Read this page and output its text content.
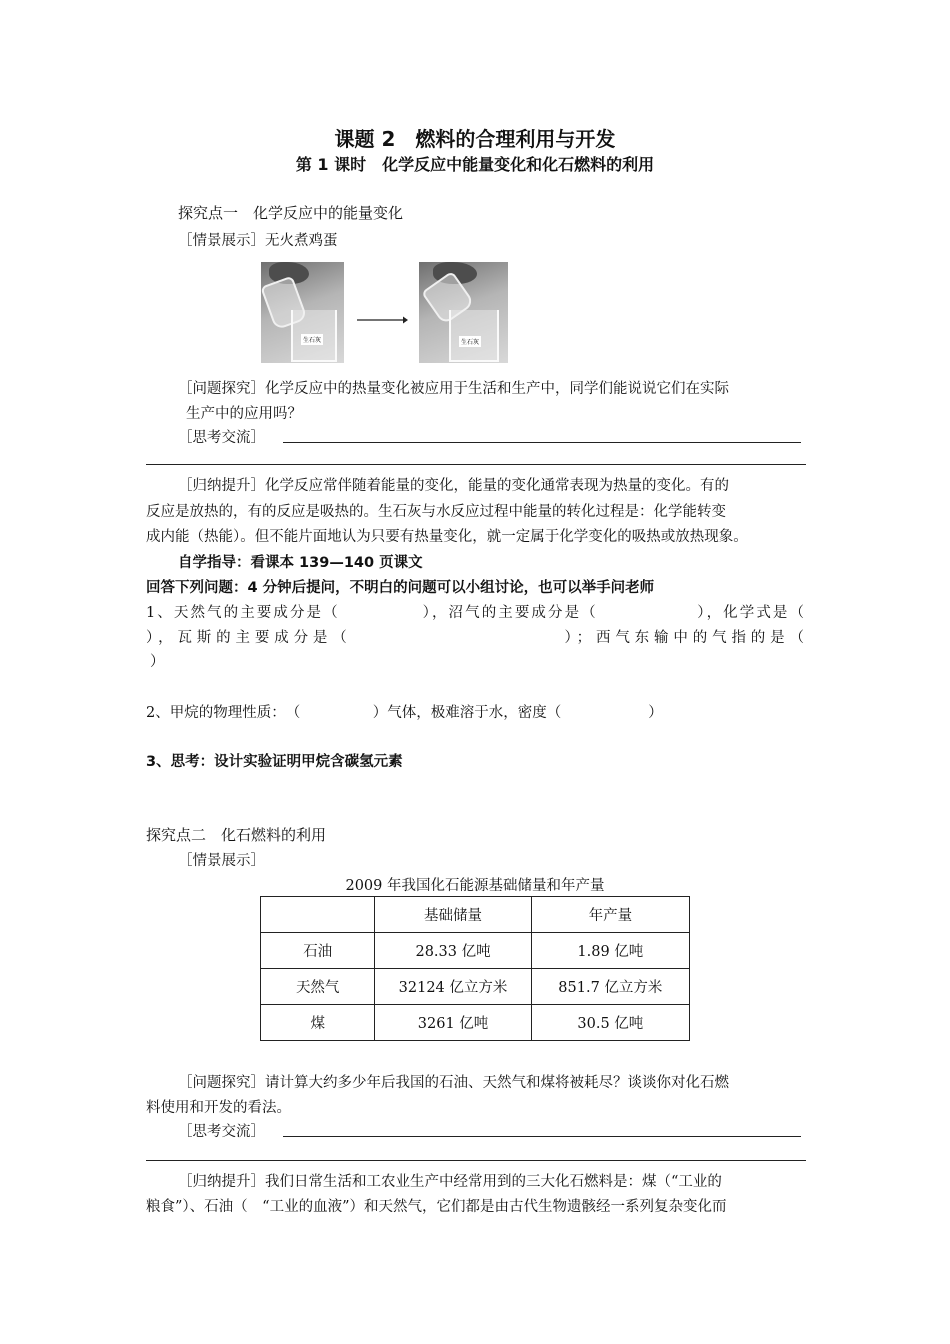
课题 2　燃料的合理利用与开发
第 1 课时　化学反应中能量变化和化石燃料的利用
探究点一　化学反应中的能量变化
［情景展示］无火煮鸡蛋
生石灰	生石灰
［问题探究］化学反应中的热量变化被应用于生活和生产中，同学们能说说它们在实际
生产中的应用吗？
［思考交流］
［归纳提升］化学反应常伴随着能量的变化，能量的变化通常表现为热量的变化。有的
反应是放热的，有的反应是吸热的。生石灰与水反应过程中能量的转化过程是：化学能转变
成内能（热能）。但不能片面地认为只要有热量变化，就一定属于化学变化的吸热或放热现象。
自学指导：看课本 139—140 页课文
回答下列问题：4 分钟后提问，不明白的问题可以小组讨论，也可以举手问老师
1、天然气的主要成分是（　　　　　），沼气的主要成分是（　　　　　　），化学式是（
），瓦斯的主要成分是（　　　　　　　　　　　）；西气东输中的气指的是（
）
2、甲烷的物理性质：　（　　　　　）气体，极难溶于水，密度（　　　　　　）
3、思考：设计实验证明甲烷含碳氢元素
探究点二　化石燃料的利用
［情景展示］
2009 年我国化石能源基础储量和年产量
	基础储量	年产量
石油	28.33 亿吨	1.89 亿吨
天然气	32124 亿立方米	851.7 亿立方米
煤	3261 亿吨	30.5 亿吨
［问题探究］请计算大约多少年后我国的石油、天然气和煤将被耗尽？谈谈你对化石燃
料使用和开发的看法。
［思考交流］
［归纳提升］我们日常生活和工农业生产中经常用到的三大化石燃料是：煤（“工业的
粮食”）、石油（　“工业的血液”）和天然气，它们都是由古代生物遗骸经一系列复杂变化而
